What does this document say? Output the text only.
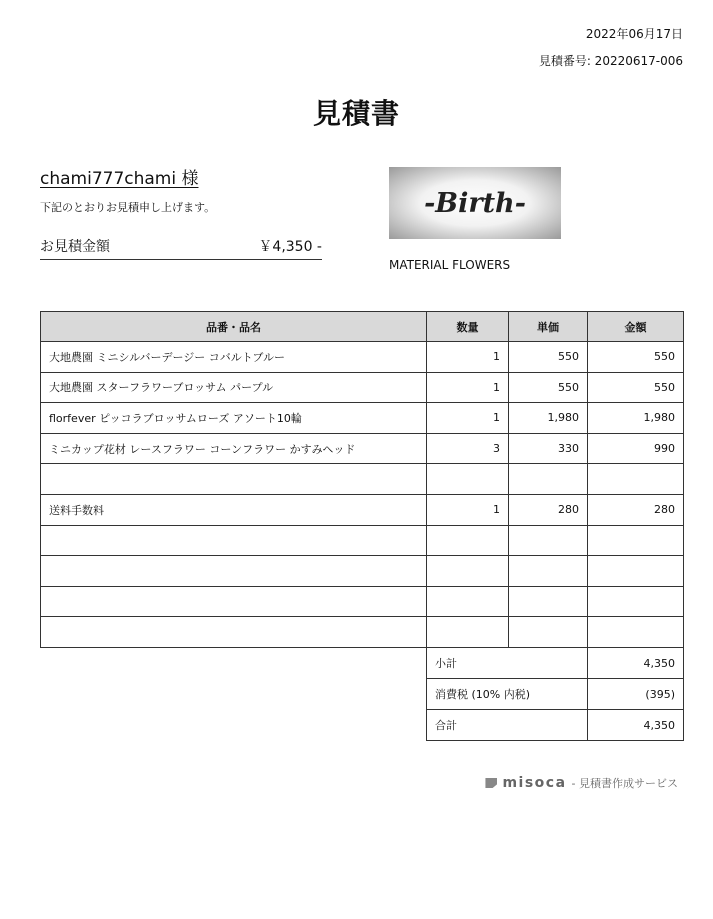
2022年06月17日
見積番号: 20220617-006
見積書
chami777chami 様
下記のとおりお見積申し上げます。
お見積金額	￥4,350 -
-Birth-
MATERIAL FLOWERS
品番・品名	数量	単価	金額
大地農園 ミニシルバーデージー コバルトブルー	1	550	550
大地農園 スターフラワーブロッサム パープル	1	550	550
florfever ピッコラブロッサムローズ アソート10輪	1	1,980	1,980
ミニカップ花材 レースフラワー コーンフラワー かすみヘッド	3	330	990

送料手数料	1	280	280

小計	4,350
消費税 (10% 内税)	(395)
合計	4,350
misoca - 見積書作成サービス
